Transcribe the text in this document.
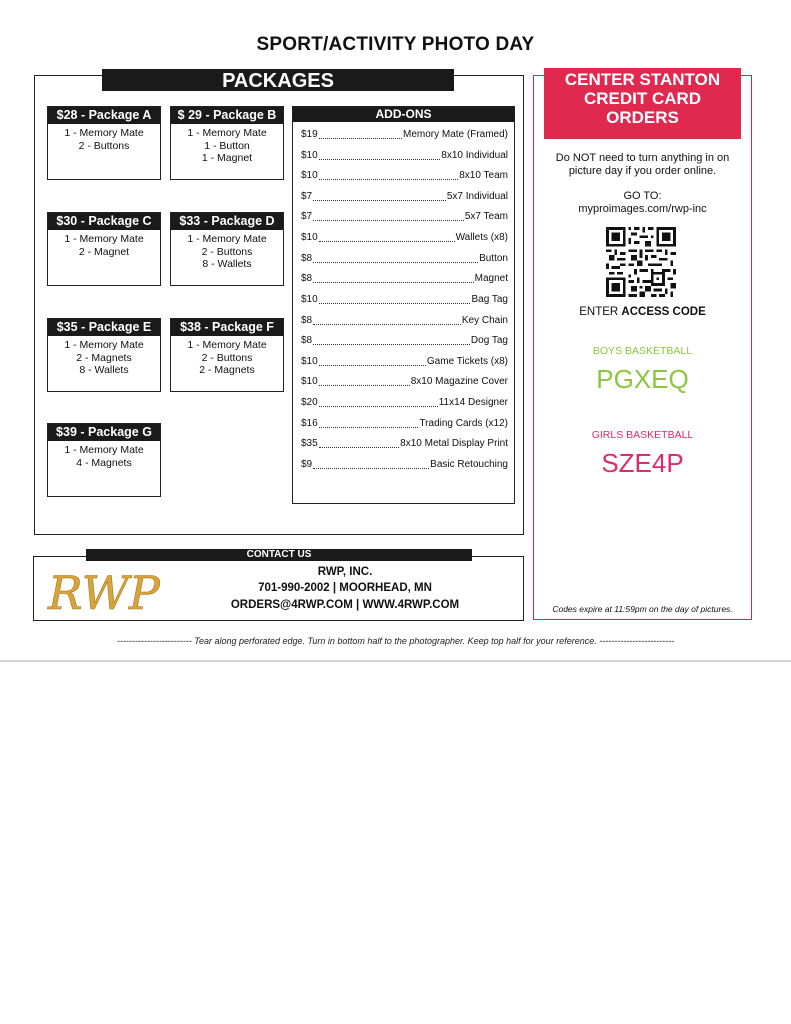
SPORT/ACTIVITY PHOTO DAY
PACKAGES
$28 - Package A
1 - Memory Mate
2 - Buttons
$ 29 - Package B
1 - Memory Mate
1 - Button
1 - Magnet
$30 - Package C
1 - Memory Mate
2 - Magnet
$33 - Package D
1 - Memory Mate
2 - Buttons
8 - Wallets
$35 - Package E
1 - Memory Mate
2 - Magnets
8 - Wallets
$38 - Package F
1 - Memory Mate
2 - Buttons
2 - Magnets
$39 - Package G
1 - Memory Mate
4 - Magnets
ADD-ONS
$19	Memory Mate (Framed)
$10	8x10 Individual
$10	8x10 Team
$7	5x7 Individual
$7	5x7 Team
$10	Wallets (x8)
$8	Button
$8	Magnet
$10	Bag Tag
$8	Key Chain
$8	Dog Tag
$10	Game Tickets (x8)
$10	8x10 Magazine Cover
$20	11x14 Designer
$16	Trading Cards (x12)
$35	8x10 Metal Display Print
$9	Basic Retouching
CENTER STANTON
CREDIT CARD
ORDERS
Do NOT need to turn anything in on
picture day if you order online.
GO TO:
myproimages.com/rwp-inc
ENTER ACCESS CODE
BOYS BASKETBALL
PGXEQ
GIRLS BASKETBALL
SZE4P
Codes expire at 11:59pm on the day of pictures.
CONTACT US
RWP	RWP, INC.
701-990-2002 | MOORHEAD, MN
ORDERS@4RWP.COM | WWW.4RWP.COM
------------------------- Tear along perforated edge. Turn in bottom half to the photographer. Keep top half for your reference. -------------------------
